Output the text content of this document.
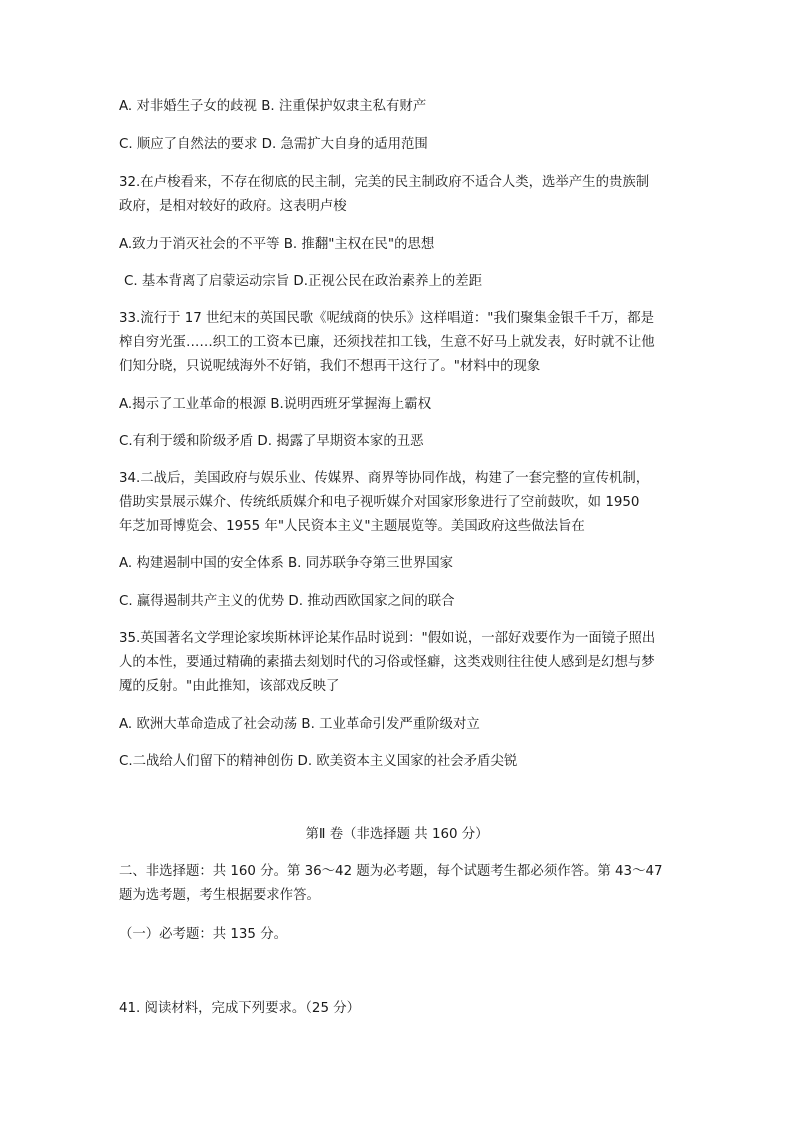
A. 对非婚生子女的歧视 B. 注重保护奴隶主私有财产
C. 顺应了自然法的要求 D. 急需扩大自身的适用范围
32.在卢梭看来，不存在彻底的民主制，完美的民主制政府不适合人类，选举产生的贵族制
政府，是相对较好的政府。这表明卢梭
A.致力于消灭社会的不平等 B. 推翻"主权在民"的思想
C. 基本背离了启蒙运动宗旨 D.正视公民在政治素养上的差距
33.流行于 17 世纪末的英国民歌《呢绒商的快乐》这样唱道："我们聚集金银千千万，都是
榨自穷光蛋……织工的工资本已廉，还须找茬扣工钱，生意不好马上就发表，好时就不让他
们知分晓，只说呢绒海外不好销，我们不想再干这行了。"材料中的现象
A.揭示了工业革命的根源 B.说明西班牙掌握海上霸权
C.有利于缓和阶级矛盾 D. 揭露了早期资本家的丑恶
34.二战后，美国政府与娱乐业、传媒界、商界等协同作战，构建了一套完整的宣传机制，
借助实景展示媒介、传统纸质媒介和电子视听媒介对国家形象进行了空前鼓吹，如 1950
年芝加哥博览会、1955 年"人民资本主义"主题展览等。美国政府这些做法旨在
A. 构建遏制中国的安全体系 B. 同苏联争夺第三世界国家
C. 赢得遏制共产主义的优势 D. 推动西欧国家之间的联合
35.英国著名文学理论家埃斯林评论某作品时说到："假如说，一部好戏要作为一面镜子照出
人的本性，要通过精确的素描去刻划时代的习俗或怪癖，这类戏则往往使人感到是幻想与梦
魇的反射。"由此推知，该部戏反映了
A. 欧洲大革命造成了社会动荡 B. 工业革命引发严重阶级对立
C.二战给人们留下的精神创伤 D. 欧美资本主义国家的社会矛盾尖锐
第Ⅱ 卷（非选择题 共 160 分）
二、非选择题：共 160 分。第 36～42 题为必考题，每个试题考生都必须作答。第 43～47
题为选考题，考生根据要求作答。
（一）必考题：共 135 分。
41. 阅读材料，完成下列要求。（25 分）
